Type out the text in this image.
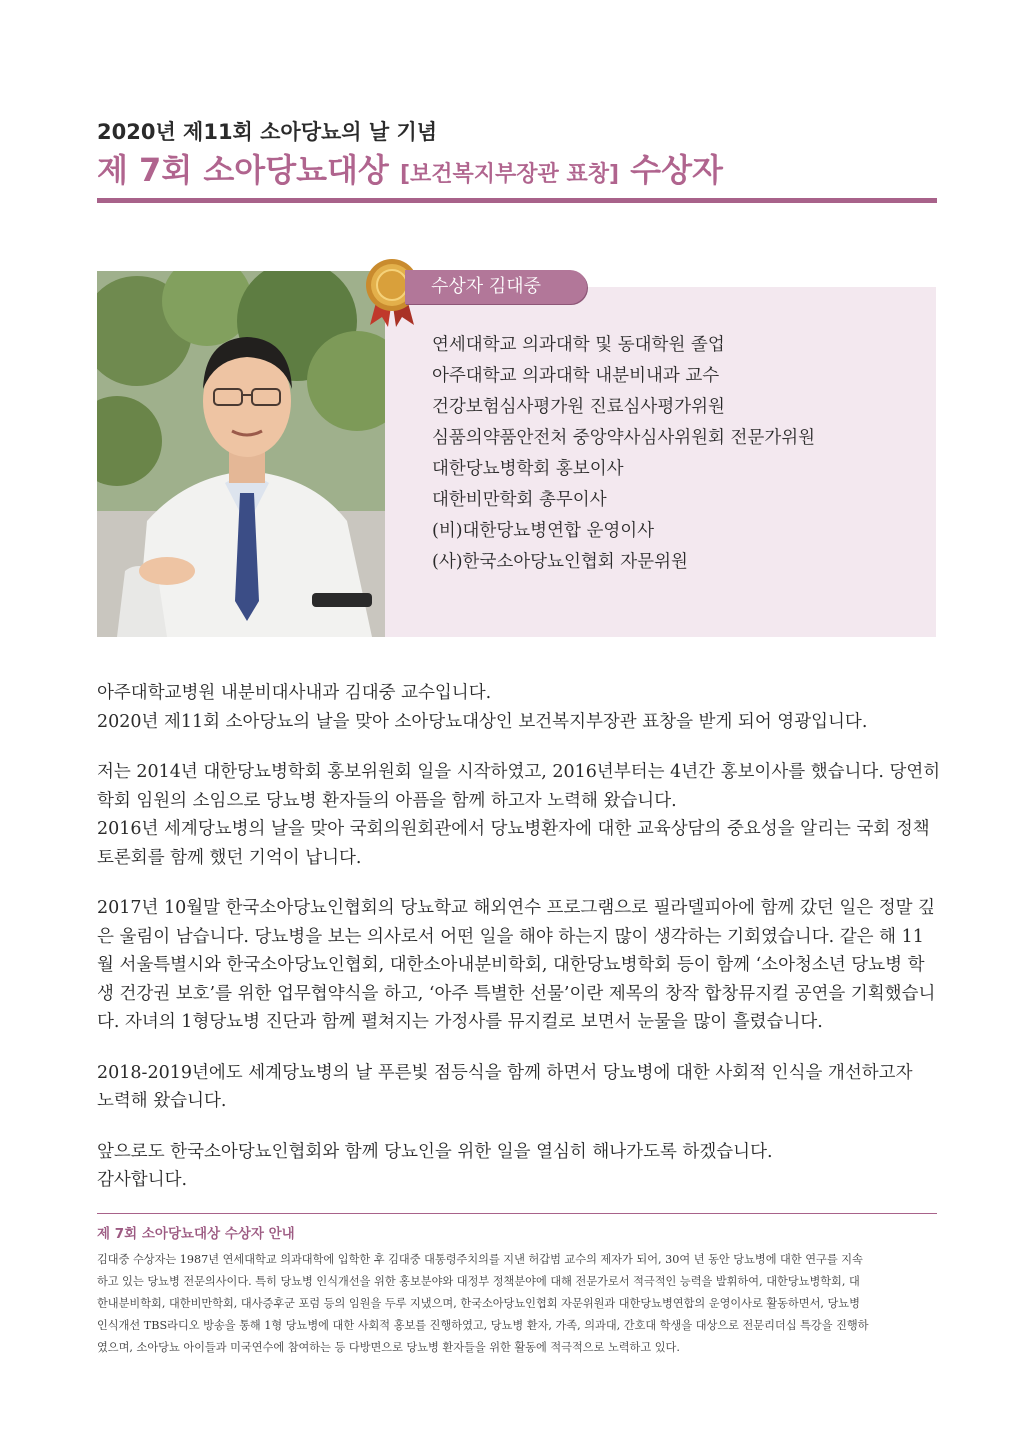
2020년 제11회 소아당뇨의 날 기념
제 7회 소아당뇨대상 [보건복지부장관 표창] 수상자
수상자 김대중
연세대학교 의과대학 및 동대학원 졸업
아주대학교 의과대학 내분비내과 교수
건강보험심사평가원 진료심사평가위원
심품의약품안전처 중앙약사심사위원회 전문가위원
대한당뇨병학회 홍보이사
대한비만학회 총무이사
(비)대한당뇨병연합 운영이사
(사)한국소아당뇨인협회 자문위원

아주대학교병원 내분비대사내과 김대중 교수입니다.
2020년 제11회 소아당뇨의 날을 맞아 소아당뇨대상인 보건복지부장관 표창을 받게 되어 영광입니다.

저는 2014년 대한당뇨병학회 홍보위원회 일을 시작하였고, 2016년부터는 4년간 홍보이사를 했습니다. 당연히
학회 임원의 소임으로 당뇨병 환자들의 아픔을 함께 하고자 노력해 왔습니다.
2016년 세계당뇨병의 날을 맞아 국회의원회관에서 당뇨병환자에 대한 교육상담의 중요성을 알리는 국회 정책
토론회를 함께 했던 기억이 납니다.

2017년 10월말 한국소아당뇨인협회의 당뇨학교 해외연수 프로그램으로 필라델피아에 함께 갔던 일은 정말 깊
은 울림이 남습니다. 당뇨병을 보는 의사로서 어떤 일을 해야 하는지 많이 생각하는 기회였습니다. 같은 해 11
월 서울특별시와 한국소아당뇨인협회, 대한소아내분비학회, 대한당뇨병학회 등이 함께 ‘소아청소년 당뇨병 학
생 건강권 보호’를 위한 업무협약식을 하고, ‘아주 특별한 선물’이란 제목의 창작 합창뮤지컬 공연을 기획했습니
다. 자녀의 1형당뇨병 진단과 함께 펼쳐지는 가정사를 뮤지컬로 보면서 눈물을 많이 흘렸습니다.

2018-2019년에도 세계당뇨병의 날 푸른빛 점등식을 함께 하면서 당뇨병에 대한 사회적 인식을 개선하고자
노력해 왔습니다.

앞으로도 한국소아당뇨인협회와 함께 당뇨인을 위한 일을 열심히 해나가도록 하겠습니다.
감사합니다.

제 7회 소아당뇨대상 수상자 안내
김대중 수상자는 1987년 연세대학교 의과대학에 입학한 후 김대중 대통령주치의를 지낸 허갑범 교수의 제자가 되어, 30여 년 동안 당뇨병에 대한 연구를 지속
하고 있는 당뇨병 전문의사이다. 특히 당뇨병 인식개선을 위한 홍보분야와 대정부 정책분야에 대해 전문가로서 적극적인 능력을 발휘하여, 대한당뇨병학회, 대
한내분비학회, 대한비만학회, 대사증후군 포럼 등의 임원을 두루 지냈으며, 한국소아당뇨인협회 자문위원과 대한당뇨병연합의 운영이사로 활동하면서, 당뇨병
인식개선 TBS라디오 방송을 통해 1형 당뇨병에 대한 사회적 홍보를 진행하였고, 당뇨병 환자, 가족, 의과대, 간호대 학생을 대상으로 전문리더십 특강을 진행하
였으며, 소아당뇨 아이들과 미국연수에 참여하는 등 다방면으로 당뇨병 환자들을 위한 활동에 적극적으로 노력하고 있다.
